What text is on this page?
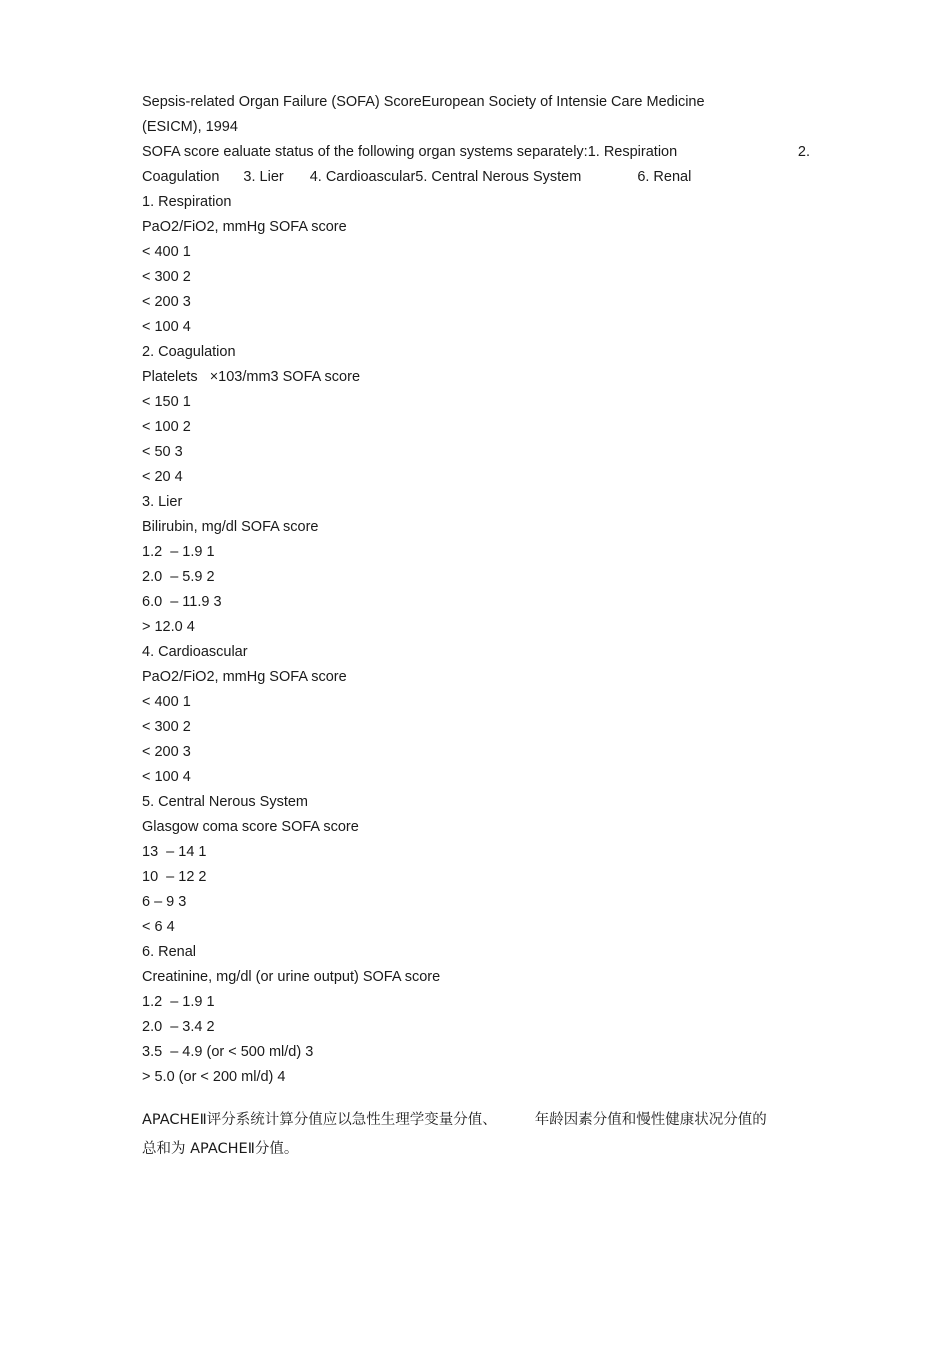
Sepsis-related Organ Failure (SOFA) ScoreEuropean Society of Intensie Care Medicine
(ESICM), 1994
SOFA score ealuate status of the following organ systems separately:1. Respiration	2.
Coagulation 3. Lier 4. Cardioascular5. Central Nerous System	6. Renal
1. Respiration
PaO2/FiO2, mmHg SOFA score
< 400 1
< 300 2
< 200 3
< 100 4
2. Coagulation
Platelets   ×103/mm3 SOFA score
< 150 1
< 100 2
< 50 3
< 20 4
3. Lier
Bilirubin, mg/dl SOFA score
1.2  – 1.9 1
2.0  – 5.9 2
6.0  – 11.9 3
> 12.0 4
4. Cardioascular
PaO2/FiO2, mmHg SOFA score
< 400 1
< 300 2
< 200 3
< 100 4
5. Central Nerous System
Glasgow coma score SOFA score
13  – 14 1
10  – 12 2
6 – 9 3
< 6 4
6. Renal
Creatinine, mg/dl (or urine output) SOFA score
1.2  – 1.9 1
2.0  – 3.4 2
3.5  – 4.9 (or < 500 ml/d) 3
> 5.0 (or < 200 ml/d) 4
APACHEⅡ评分系统计算分值应以急性生理学变量分值、	年龄因素分值和慢性健康状况分值的
总和为 APACHEⅡ分值。
